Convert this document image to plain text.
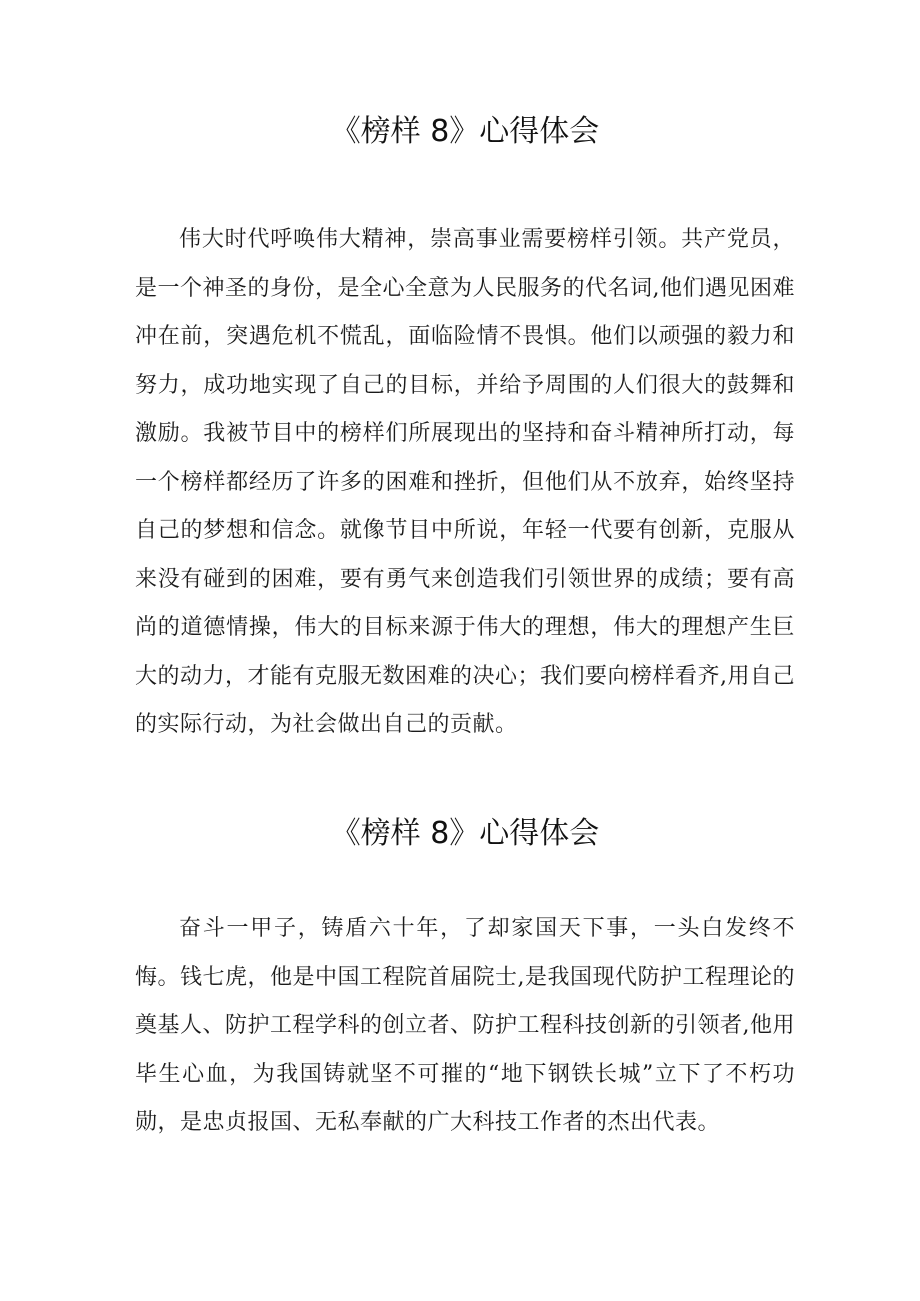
《榜样 8》心得体会

伟大时代呼唤伟大精神，崇高事业需要榜样引领。共产党员，是一个神圣的身份，是全心全意为人民服务的代名词,他们遇见困难冲在前，突遇危机不慌乱，面临险情不畏惧。他们以顽强的毅力和努力，成功地实现了自己的目标，并给予周围的人们很大的鼓舞和激励。我被节目中的榜样们所展现出的坚持和奋斗精神所打动，每一个榜样都经历了许多的困难和挫折，但他们从不放弃，始终坚持自己的梦想和信念。就像节目中所说，年轻一代要有创新，克服从来没有碰到的困难，要有勇气来创造我们引领世界的成绩；要有高尚的道德情操，伟大的目标来源于伟大的理想，伟大的理想产生巨大的动力，才能有克服无数困难的决心；我们要向榜样看齐,用自己的实际行动，为社会做出自己的贡献。

《榜样 8》心得体会

奋斗一甲子，铸盾六十年，了却家国天下事，一头白发终不悔。钱七虎，他是中国工程院首届院士,是我国现代防护工程理论的奠基人、防护工程学科的创立者、防护工程科技创新的引领者,他用毕生心血，为我国铸就坚不可摧的“地下钢铁长城”立下了不朽功勋，是忠贞报国、无私奉献的广大科技工作者的杰出代表。
